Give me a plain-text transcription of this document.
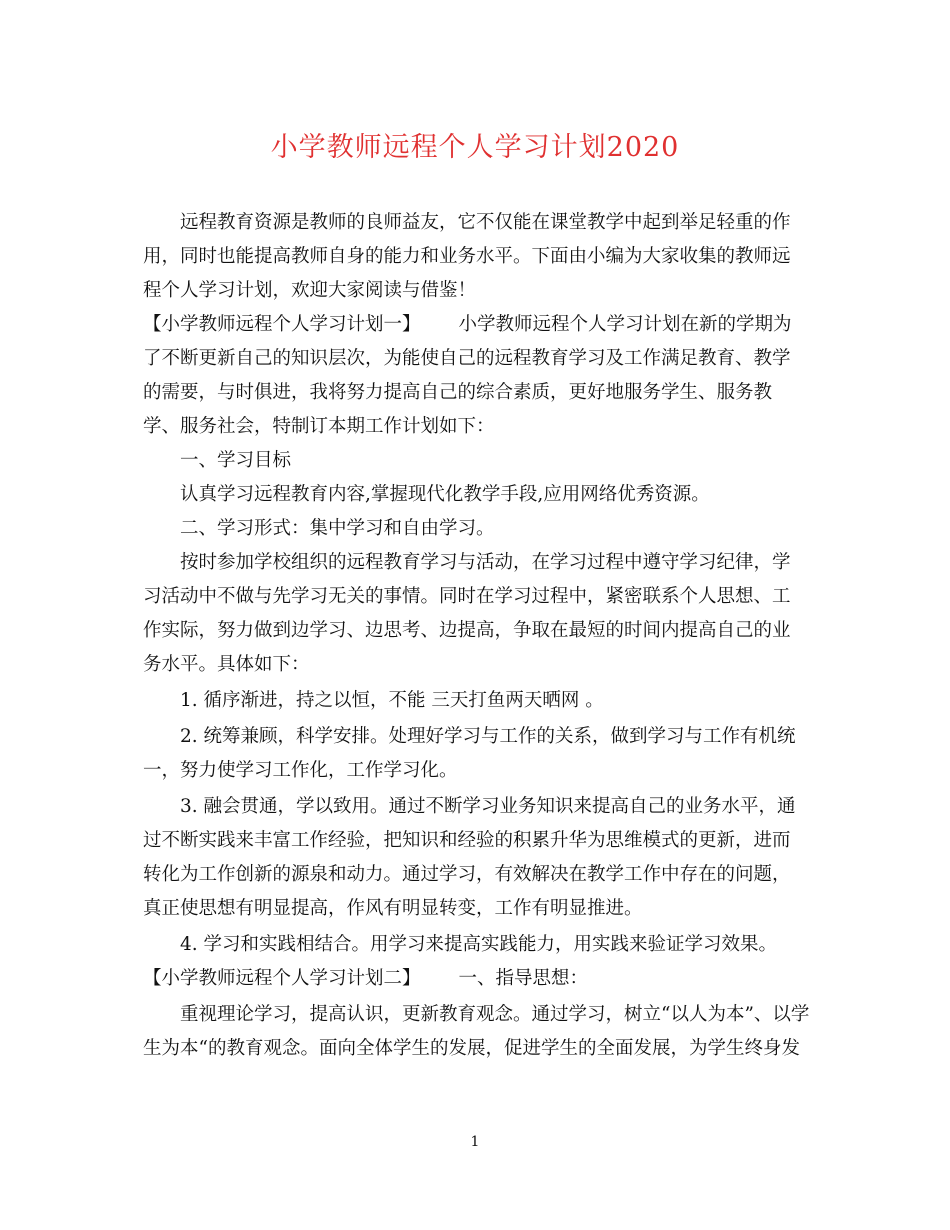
小学教师远程个人学习计划2020
远程教育资源是教师的良师益友，它不仅能在课堂教学中起到举足轻重的作
用，同时也能提高教师自身的能力和业务水平。下面由小编为大家收集的教师远
程个人学习计划，欢迎大家阅读与借鉴！
【小学教师远程个人学习计划一】 小学教师远程个人学习计划在新的学期为
了不断更新自己的知识层次，为能使自己的远程教育学习及工作满足教育、教学
的需要，与时俱进，我将努力提高自己的综合素质，更好地服务学生、服务教
学、服务社会，特制订本期工作计划如下：
一、学习目标
认真学习远程教育内容,掌握现代化教学手段,应用网络优秀资源。
二、学习形式：集中学习和自由学习。
按时参加学校组织的远程教育学习与活动，在学习过程中遵守学习纪律，学
习活动中不做与先学习无关的事情。同时在学习过程中，紧密联系个人思想、工
作实际，努力做到边学习、边思考、边提高，争取在最短的时间内提高自己的业
务水平。具体如下：
1. 循序渐进，持之以恒，不能 三天打鱼两天晒网 。
2. 统筹兼顾，科学安排。处理好学习与工作的关系，做到学习与工作有机统
一，努力使学习工作化，工作学习化。
3. 融会贯通，学以致用。通过不断学习业务知识来提高自己的业务水平，通
过不断实践来丰富工作经验，把知识和经验的积累升华为思维模式的更新，进而
转化为工作创新的源泉和动力。通过学习，有效解决在教学工作中存在的问题，
真正使思想有明显提高，作风有明显转变，工作有明显推进。
4. 学习和实践相结合。用学习来提高实践能力，用实践来验证学习效果。
【小学教师远程个人学习计划二】 一、指导思想：
重视理论学习，提高认识，更新教育观念。通过学习，树立“以人为本”、以学
生为本“的教育观念。面向全体学生的发展，促进学生的全面发展，为学生终身发
1
